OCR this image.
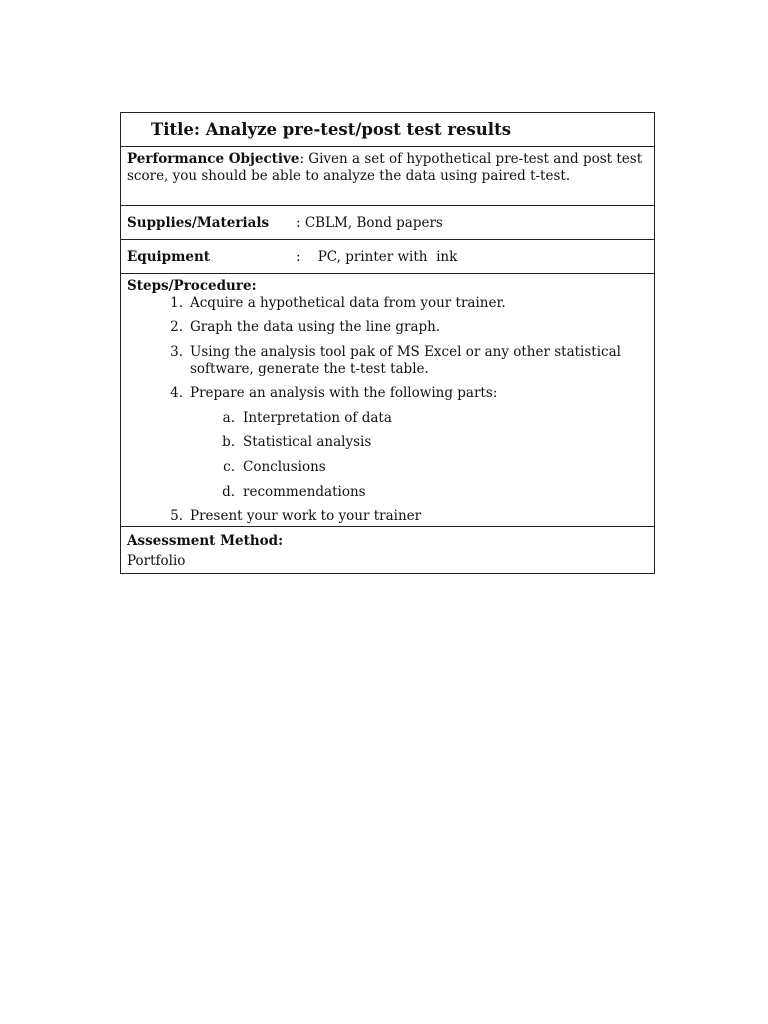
Title: Analyze pre-test/post test results
Performance Objective: Given a set of hypothetical pre-test and post test score, you should be able to analyze the data using paired t-test.
Supplies/Materials	: CBLM, Bond papers
Equipment	:    PC, printer with  ink
Steps/Procedure:
1. Acquire a hypothetical data from your trainer.
2. Graph the data using the line graph.
3. Using the analysis tool pak of MS Excel or any other statistical software, generate the t-test table.
4. Prepare an analysis with the following parts:
a. Interpretation of data
b. Statistical analysis
c. Conclusions
d. recommendations
5. Present your work to your trainer
Assessment Method:
Portfolio
